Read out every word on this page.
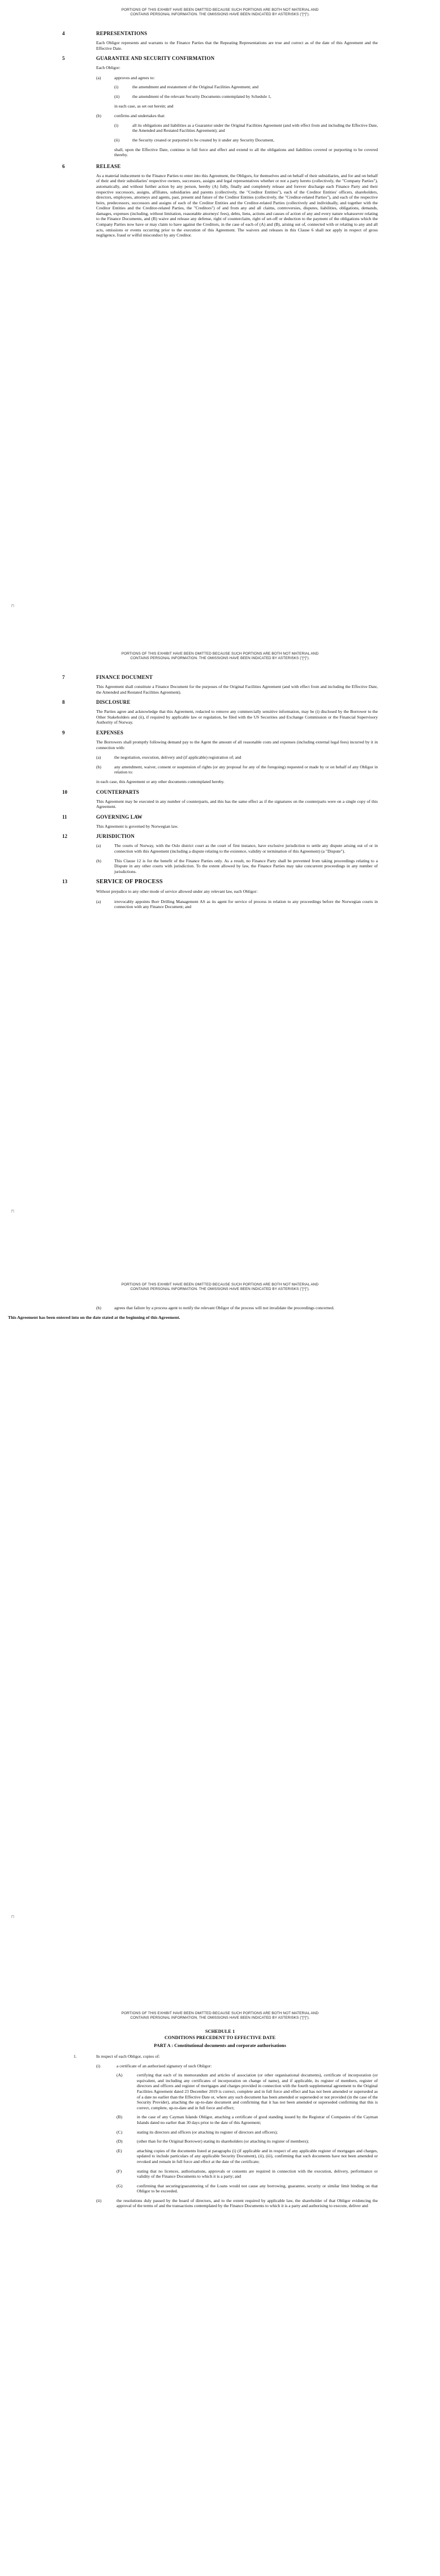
PORTIONS OF THIS EXHIBIT HAVE BEEN OMITTED BECAUSE SUCH PORTIONS ARE BOTH NOT MATERIAL AND
CONTAINS PERSONAL INFORMATION. THE OMISSIONS HAVE BEEN INDICATED BY ASTERISKS ("[*]").
4	REPRESENTATIONS

Each Obligor represents and warrants to the Finance Parties that the Repeating Representations are true and correct as of the date of this Agreement and the Effective Date.

5	GUARANTEE AND SECURITY CONFIRMATION

Each Obligor:

(a)	approves and agrees to:
(i)	the amendment and restatement of the Original Facilities Agreement; and
(ii)	the amendment of the relevant Security Documents contemplated by Schedule 1,

in each case, as set out herein; and

(b)	confirms and undertakes that:
(i)	all its obligations and liabilities as a Guarantor under the Original Facilities Agreement (and with effect from and including the Effective Date, the Amended and Restated Facilities Agreement); and
(ii)	the Security created or purported to be created by it under any Security Document,

shall, upon the Effective Date, continue in full force and effect and extend to all the obligations and liabilities covered or purporting to be covered thereby.

6	RELEASE

As a material inducement to the Finance Parties to enter into this Agreement, the Obligors, for themselves and on behalf of their subsidiaries, and for and on behalf of their and their subsidiaries' respective owners, successors, assigns and legal representatives whether or not a party hereto (collectively, the "Company Parties"), automatically, and without further action by any person, hereby (A) fully, finally and completely release and forever discharge each Finance Party and their respective successors, assigns, affiliates, subsidiaries and parents (collectively, the "Creditor Entities"), each of the Creditor Entities' officers, shareholders, directors, employees, attorneys and agents, past, present and future of the Creditor Entities (collectively, the "Creditor-related Parties"), and each of the respective heirs, predecessors, successors and assigns of each of the Creditor Entities and the Creditor-related Parties (collectively and individually, and together with the Creditor Entities and the Creditor-related Parties, the "Creditors") of and from any and all claims, controversies, disputes, liabilities, obligations, demands, damages, expenses (including, without limitation, reasonable attorneys' fees), debts, liens, actions and causes of action of any and every nature whatsoever relating to the Finance Documents, and (B) waive and release any defense, right of counterclaim, right of set-off or deduction to the payment of the obligations which the Company Parties now have or may claim to have against the Creditors, in the case of each of (A) and (B), arising out of, connected with or relating to any and all acts, omissions or events occurring prior to the execution of this Agreement. The waivers and releases in this Clause 6 shall not apply in respect of gross negligence, fraud or wilful misconduct by any Creditor.

[*]
PORTIONS OF THIS EXHIBIT HAVE BEEN OMITTED BECAUSE SUCH PORTIONS ARE BOTH NOT MATERIAL AND
CONTAINS PERSONAL INFORMATION. THE OMISSIONS HAVE BEEN INDICATED BY ASTERISKS ("[*]").
7	FINANCE DOCUMENT

This Agreement shall constitute a Finance Document for the purposes of the Original Facilities Agreement (and with effect from and including the Effective Date, the Amended and Restated Facilities Agreement).

8	DISCLOSURE

The Parties agree and acknowledge that this Agreement, redacted to remove any commercially sensitive information, may be (i) disclosed by the Borrower to the Other Stakeholders and (ii), if required by applicable law or regulation, be filed with the US Securities and Exchange Commission or the Financial Supervisory Authority of Norway.

9	EXPENSES

The Borrowers shall promptly following demand pay to the Agent the amount of all reasonable costs and expenses (including external legal fees) incurred by it in connection with:

(a)	the negotiation, execution, delivery and (if applicable) registration of; and
(b)	any amendment, waiver, consent or suspension of rights (or any proposal for any of the foregoing) requested or made by or on behalf of any Obligor in relation to:

in each case, this Agreement or any other documents contemplated hereby.

10	COUNTERPARTS

This Agreement may be executed in any number of counterparts, and this has the same effect as if the signatures on the counterparts were on a single copy of this Agreement.

11	GOVERNING LAW

This Agreement is governed by Norwegian law.

12	JURISDICTION
(a)	The courts of Norway, with the Oslo district court as the court of first instance, have exclusive jurisdiction to settle any dispute arising out of or in connection with this Agreement (including a dispute relating to the existence, validity or termination of this Agreement) (a "Dispute").
(b)	This Clause 12 is for the benefit of the Finance Parties only. As a result, no Finance Party shall be prevented from taking proceedings relating to a Dispute in any other courts with jurisdiction. To the extent allowed by law, the Finance Parties may take concurrent proceedings in any number of jurisdictions.
13	SERVICE OF PROCESS

Without prejudice to any other mode of service allowed under any relevant law, each Obligor:

(a)	irrevocably appoints Borr Drilling Management AS as its agent for service of process in relation to any proceedings before the Norwegian courts in connection with any Finance Document; and
[*]
PORTIONS OF THIS EXHIBIT HAVE BEEN OMITTED BECAUSE SUCH PORTIONS ARE BOTH NOT MATERIAL AND
CONTAINS PERSONAL INFORMATION. THE OMISSIONS HAVE BEEN INDICATED BY ASTERISKS ("[*]").
(b)	agrees that failure by a process agent to notify the relevant Obligor of the process will not invalidate the proceedings concerned.
This Agreement has been entered into on the date stated at the beginning of this Agreement.
[*]
PORTIONS OF THIS EXHIBIT HAVE BEEN OMITTED BECAUSE SUCH PORTIONS ARE BOTH NOT MATERIAL AND
CONTAINS PERSONAL INFORMATION. THE OMISSIONS HAVE BEEN INDICATED BY ASTERISKS ("[*]").
SCHEDULE 1
CONDITIONS PRECEDENT TO EFFECTIVE DATE
PART A : Constitutional documents and corporate authorisations
1.	In respect of each Obligor, copies of:
(i)	a certificate of an authorised signatory of such Obligor:
(A)	certifying that each of its memorandum and articles of association (or other organisational documents), certificate of incorporation (or equivalent, and including any certificates of incorporation on change of name), and if applicable, its register of members, register of directors and officers and register of mortgages and charges provided in connection with the fourth supplemental agreement to the Original Facilities Agreement dated 23 December 2019 is correct, complete and in full force and effect and has not been amended or superseded as of a date no earlier than the Effective Date or, where any such document has been amended or superseded or not provided (in the case of the Security Provider), attaching the up-to-date document and confirming that it has not been amended or superseded confirming that this is correct, complete, up-to-date and in full force and effect;
(B)	in the case of any Cayman Islands Obligor, attaching a certificate of good standing issued by the Registrar of Companies of the Cayman Islands dated no earlier than 30 days prior to the date of this Agreement;
(C)	stating its directors and officers (or attaching its register of directors and officers);
(D)	(other than for the Original Borrower) stating its shareholders (or attaching its register of members);
(E)	attaching copies of the documents listed at paragraphs (i) (if applicable and in respect of any applicable register of mortgages and charges, updated to include particulars of any applicable Security Document), (ii), (iii), confirming that such documents have not been amended or revoked and remain in full force and effect at the date of the certificate;
(F)	stating that no licences, authorisations, approvals or consents are required in connection with the execution, delivery, performance or validity of the Finance Documents to which it is a party; and
(G)	confirming that securing/guaranteeing of the Loans would not cause any borrowing, guarantee, security or similar limit binding on that Obligor to be exceeded.
(ii)	the resolutions duly passed by the board of directors, and to the extent required by applicable law, the shareholder of that Obligor evidencing the approval of the terms of and the transactions contemplated by the Finance Documents to which it is a party and authorising to execute, deliver and
